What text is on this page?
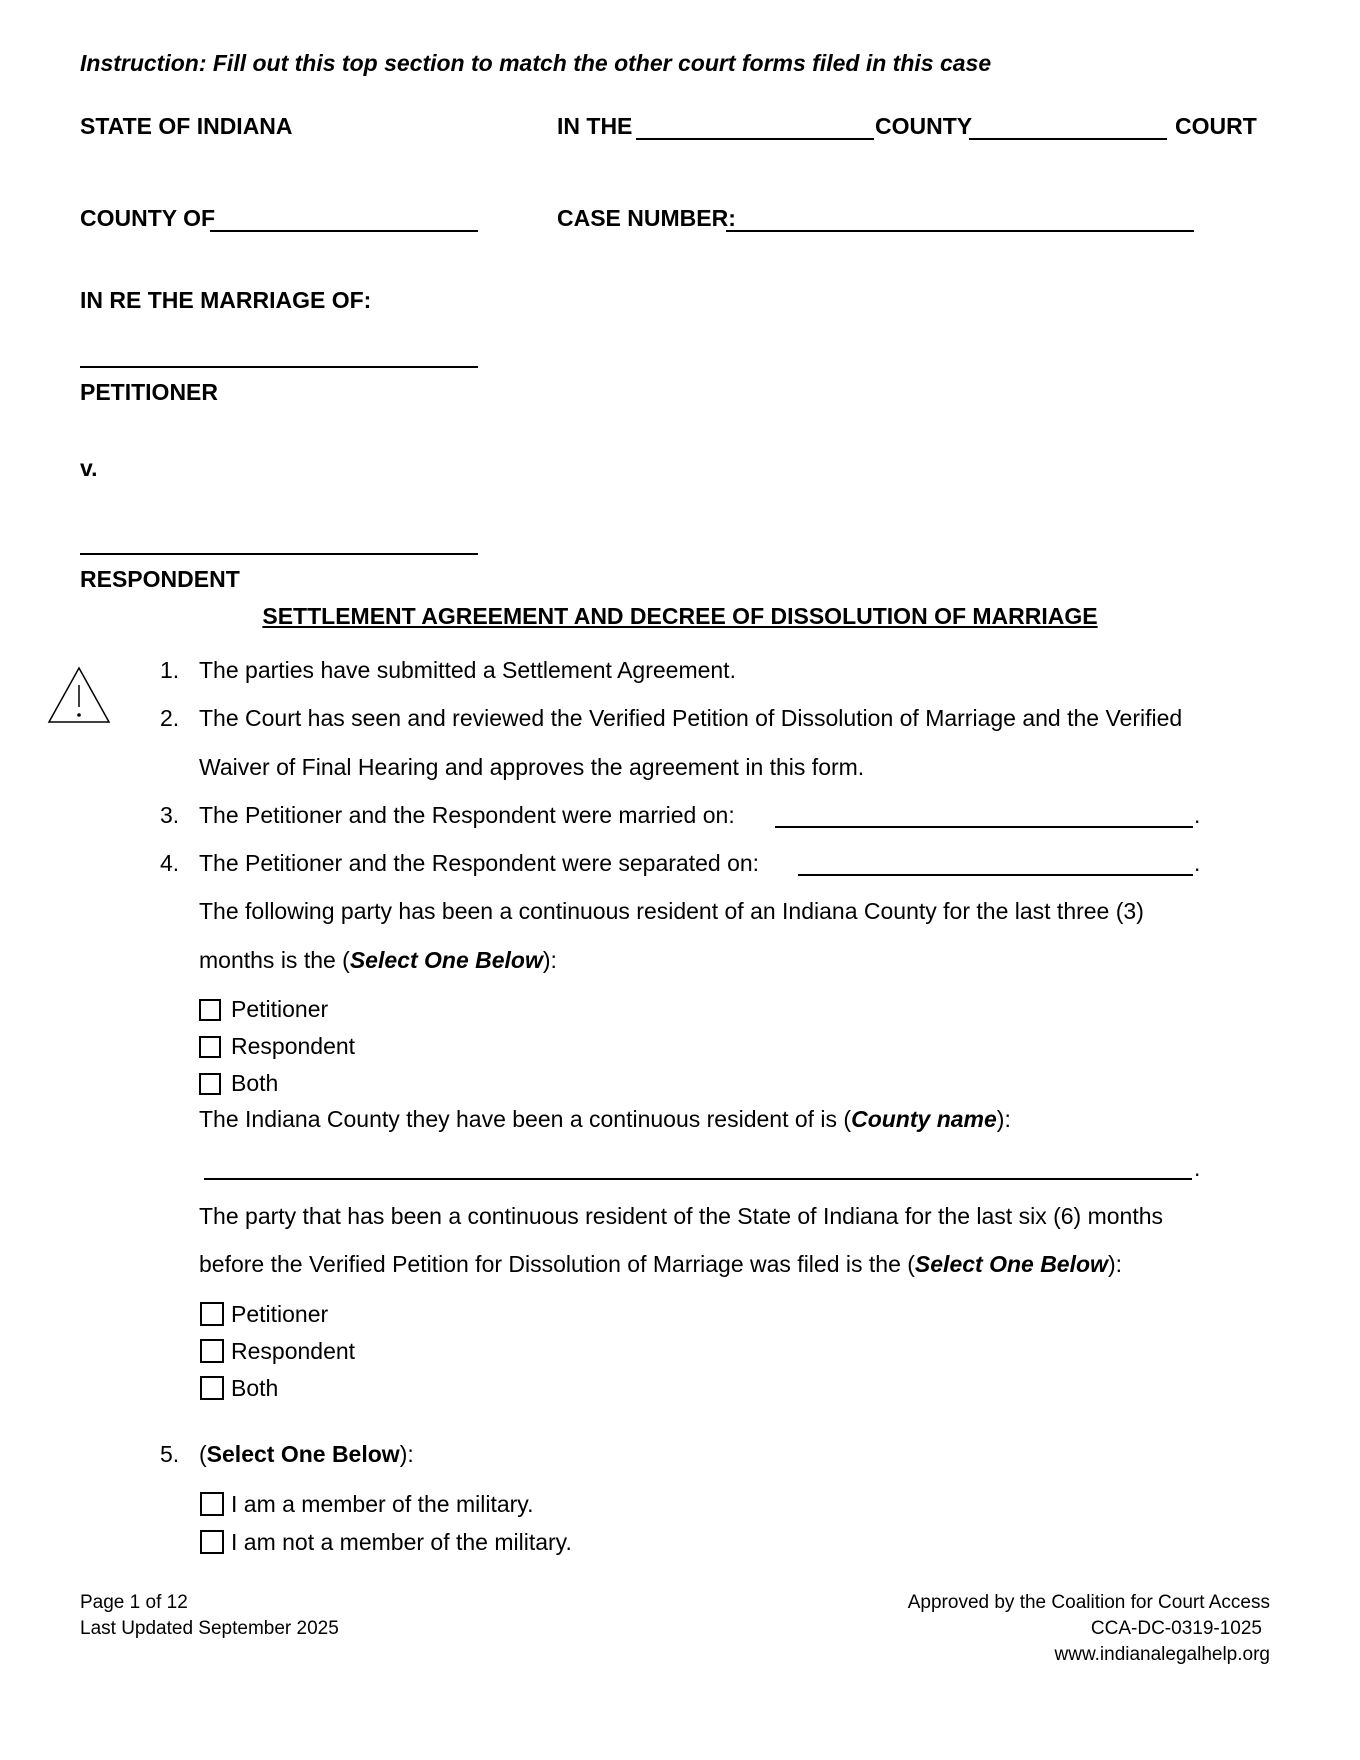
Instruction: Fill out this top section to match the other court forms filed in this case
STATE OF INDIANA	IN THE	COUNTY	COURT
COUNTY OF	CASE NUMBER:
IN RE THE MARRIAGE OF:
PETITIONER
v.
RESPONDENT
SETTLEMENT AGREEMENT AND DECREE OF DISSOLUTION OF MARRIAGE
1. The parties have submitted a Settlement Agreement.
2. The Court has seen and reviewed the Verified Petition of Dissolution of Marriage and the Verified
Waiver of Final Hearing and approves the agreement in this form.
3. The Petitioner and the Respondent were married on:	.
4. The Petitioner and the Respondent were separated on:	.
The following party has been a continuous resident of an Indiana County for the last three (3)
months is the (Select One Below):
Petitioner
Respondent
Both
The Indiana County they have been a continuous resident of is (County name):
.
The party that has been a continuous resident of the State of Indiana for the last six (6) months
before the Verified Petition for Dissolution of Marriage was filed is the (Select One Below):
Petitioner
Respondent
Both
5. (Select One Below):
I am a member of the military.
I am not a member of the military.
Page 1 of 12
Last Updated September 2025
Approved by the Coalition for Court Access
CCA-DC-0319-1025
www.indianalegalhelp.org
